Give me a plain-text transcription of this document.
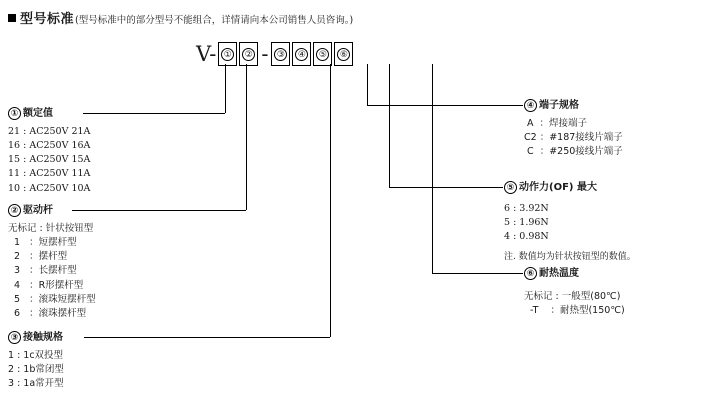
型号标准 (型号标准中的部分型号不能组合，详情请向本公司销售人员咨询。)
V- ① ② - ③ ④ ⑤ ⑥
① 额定值
21 : AC250V 21A
16 : AC250V 16A
15 : AC250V 15A
11 : AC250V 11A
10 : AC250V 10A
② 驱动杆
无标记 : 针状按钮型
1   ：短摆杆型
2   ：摆杆型
3   ：长摆杆型
4   ：R形摆杆型
5   ：滚珠短摆杆型
6   ：滚珠摆杆型
③ 接触规格
1 : 1c双投型
2 : 1b常闭型
3 : 1a常开型
④ 端子规格
A  ：焊接端子
C2 ：#187接线片端子
C  ：#250接线片端子
⑤ 动作力(OF) 最大
6 : 3.92N
5 : 1.96N
4 : 0.98N
注. 数值均为针状按钮型的数值。
⑥ 耐热温度
无标记 : 一般型(80℃)
-T    ：耐热型(150℃)
